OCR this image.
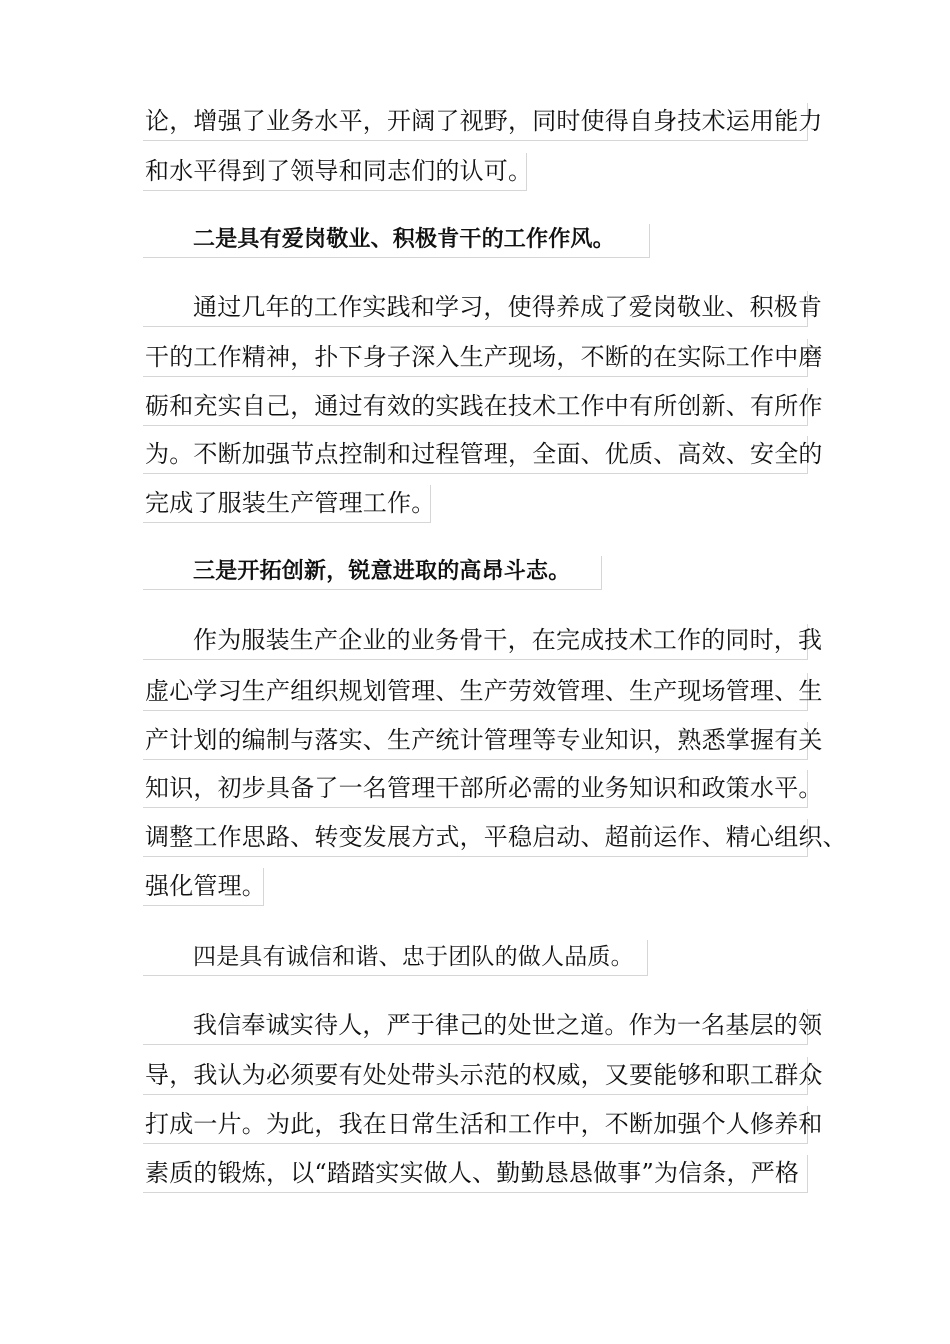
论，增强了业务水平，开阔了视野，同时使得自身技术运用能力
和水平得到了领导和同志们的认可。
二是具有爱岗敬业、积极肯干的工作作风。
通过几年的工作实践和学习，使得养成了爱岗敬业、积极肯
干的工作精神，扑下身子深入生产现场，不断的在实际工作中磨
砺和充实自己，通过有效的实践在技术工作中有所创新、有所作
为。不断加强节点控制和过程管理，全面、优质、高效、安全的
完成了服装生产管理工作。
三是开拓创新，锐意进取的高昂斗志。
作为服装生产企业的业务骨干，在完成技术工作的同时，我
虚心学习生产组织规划管理、生产劳效管理、生产现场管理、生
产计划的编制与落实、生产统计管理等专业知识，熟悉掌握有关
知识，初步具备了一名管理干部所必需的业务知识和政策水平。
调整工作思路、转变发展方式，平稳启动、超前运作、精心组织、
强化管理。
四是具有诚信和谐、忠于团队的做人品质。
我信奉诚实待人，严于律己的处世之道。作为一名基层的领
导，我认为必须要有处处带头示范的权威，又要能够和职工群众
打成一片。为此，我在日常生活和工作中，不断加强个人修养和
素质的锻炼，以“踏踏实实做人、勤勤恳恳做事”为信条，严格
